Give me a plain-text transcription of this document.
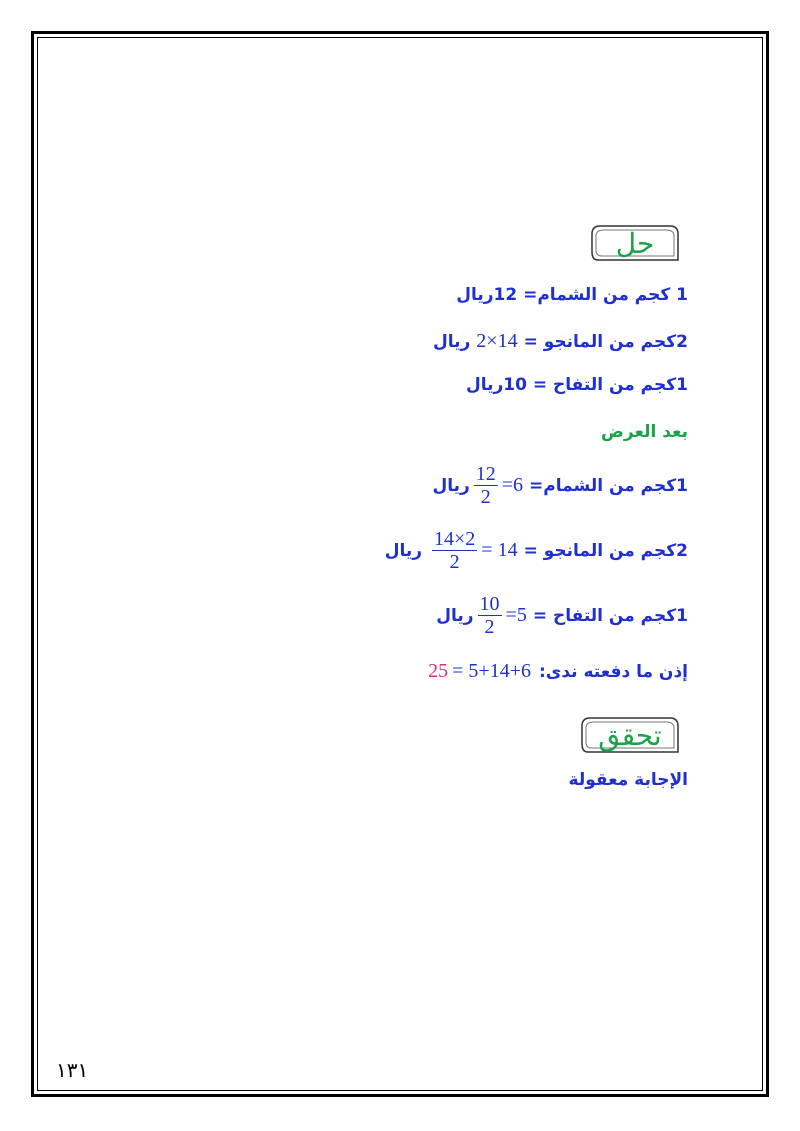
حل
1 كجم من الشمام= 12ريال
2كجم من المانجو =
2×14
ريال
1كجم من التفاح = 10ريال
بعد العرض
1كجم من الشمام=
$\frac{12}{2} =6$
ريال
2كجم من المانجو =
$\frac{14\times 2}{2} = 14$
ريال
1كجم من التفاح =
$\frac{10}{2} =5$
ريال
إذن ما دفعته ندى:
25 5+14+6 =
تحقق
الإجابة معقولة
١٣١
